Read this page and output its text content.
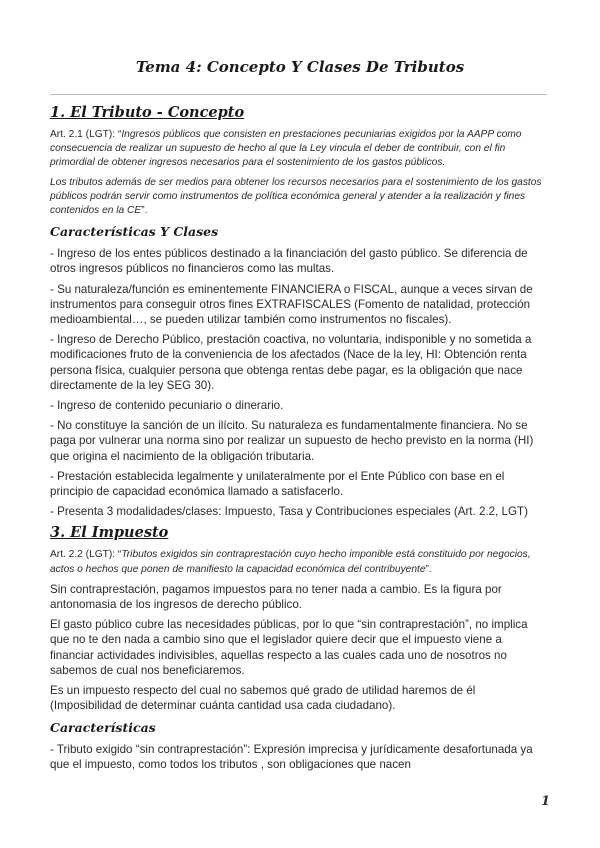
Tema 4: Concepto Y Clases De Tributos
1. El Tributo - Concepto

Art. 2.1 (LGT): “Ingresos públicos que consisten en prestaciones pecuniarias exigidos por la AAPP como consecuencia de realizar un supuesto de hecho al que la Ley vincula el deber de contribuir, con el fin primordial de obtener ingresos necesarios para el sostenimiento de los gastos públicos.

Los tributos además de ser medios para obtener los recursos necesarios para el sostenimiento de los gastos públicos podrán servir como instrumentos de política económica general y atender a la realización y fines contenidos en la CE”.

Características Y Clases

- Ingreso de los entes públicos destinado a la financiación del gasto público. Se diferencia de otros ingresos públicos no financieros como las multas.

- Su naturaleza/función es eminentemente FINANCIERA o FISCAL, aunque a veces sirvan de instrumentos para conseguir otros fines EXTRAFISCALES (Fomento de natalidad, protección medioambiental…, se pueden utilizar también como instrumentos no fiscales).

- Ingreso de Derecho Público, prestación coactiva, no voluntaria, indisponible y no sometida a modificaciones fruto de la conveniencia de los afectados (Nace de la ley, HI: Obtención renta persona física, cualquier persona que obtenga rentas debe pagar, es la obligación que nace directamente de la ley SEG 30).

- Ingreso de contenido pecuniario o dinerario.

- No constituye la sanción de un ilícito. Su naturaleza es fundamentalmente financiera. No se paga por vulnerar una norma sino por realizar un supuesto de hecho previsto en la norma (HI) que origina el nacimiento de la obligación tributaria.

- Prestación establecida legalmente y unilateralmente por el Ente Público con base en el principio de capacidad económica llamado a satisfacerlo.

- Presenta 3 modalidades/clases: Impuesto, Tasa y Contribuciones especiales (Art. 2.2, LGT)

3. El Impuesto

Art. 2.2 (LGT): “Tributos exigidos sin contraprestación cuyo hecho imponible está constituido por negocios, actos o hechos que ponen de manifiesto la capacidad económica del contribuyente”.

Sin contraprestación, pagamos impuestos para no tener nada a cambio. Es la figura por antonomasia de los ingresos de derecho público.

El gasto público cubre las necesidades públicas, por lo que “sin contraprestación”, no implica que no te den nada a cambio sino que el legislador quiere decir que el impuesto viene a financiar actividades indivisibles, aquellas respecto a las cuales cada uno de nosotros no sabemos de cual nos beneficiaremos.

Es un impuesto respecto del cual no sabemos qué grado de utilidad haremos de él (Imposibilidad de determinar cuánta cantidad usa cada ciudadano).

Características

- Tributo exigido “sin contraprestación”: Expresión imprecisa y jurídicamente desafortunada ya que el impuesto, como todos los tributos , son obligaciones que nacen

1
